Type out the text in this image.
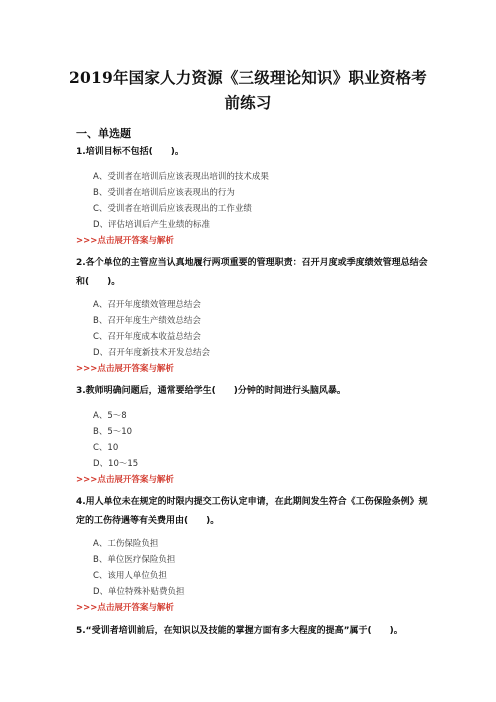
2019年国家人力资源《三级理论知识》职业资格考
前练习
一、单选题
1.培训目标不包括(　　)。
A、受训者在培训后应该表现出培训的技术成果
B、受训者在培训后应该表现出的行为
C、受训者在培训后应该表现出的工作业绩
D、评估培训后产生业绩的标准
>>>点击展开答案与解析
2.各个单位的主管应当认真地履行两项重要的管理职责：召开月度或季度绩效管理总结会和(　　)。
A、召开年度绩效管理总结会
B、召开年度生产绩效总结会
C、召开年度成本收益总结会
D、召开年度新技术开发总结会
>>>点击展开答案与解析
3.教师明确问题后，通常要给学生(　　)分钟的时间进行头脑风暴。
A、5～8
B、5～10
C、10
D、10～15
>>>点击展开答案与解析
4.用人单位未在规定的时限内提交工伤认定申请，在此期间发生符合《工伤保险条例》规定的工伤待遇等有关费用由(　　)。
A、工伤保险负担
B、单位医疗保险负担
C、该用人单位负担
D、单位特殊补贴费负担
>>>点击展开答案与解析
5.“受训者培训前后，在知识以及技能的掌握方面有多大程度的提高”属于(　　)。
